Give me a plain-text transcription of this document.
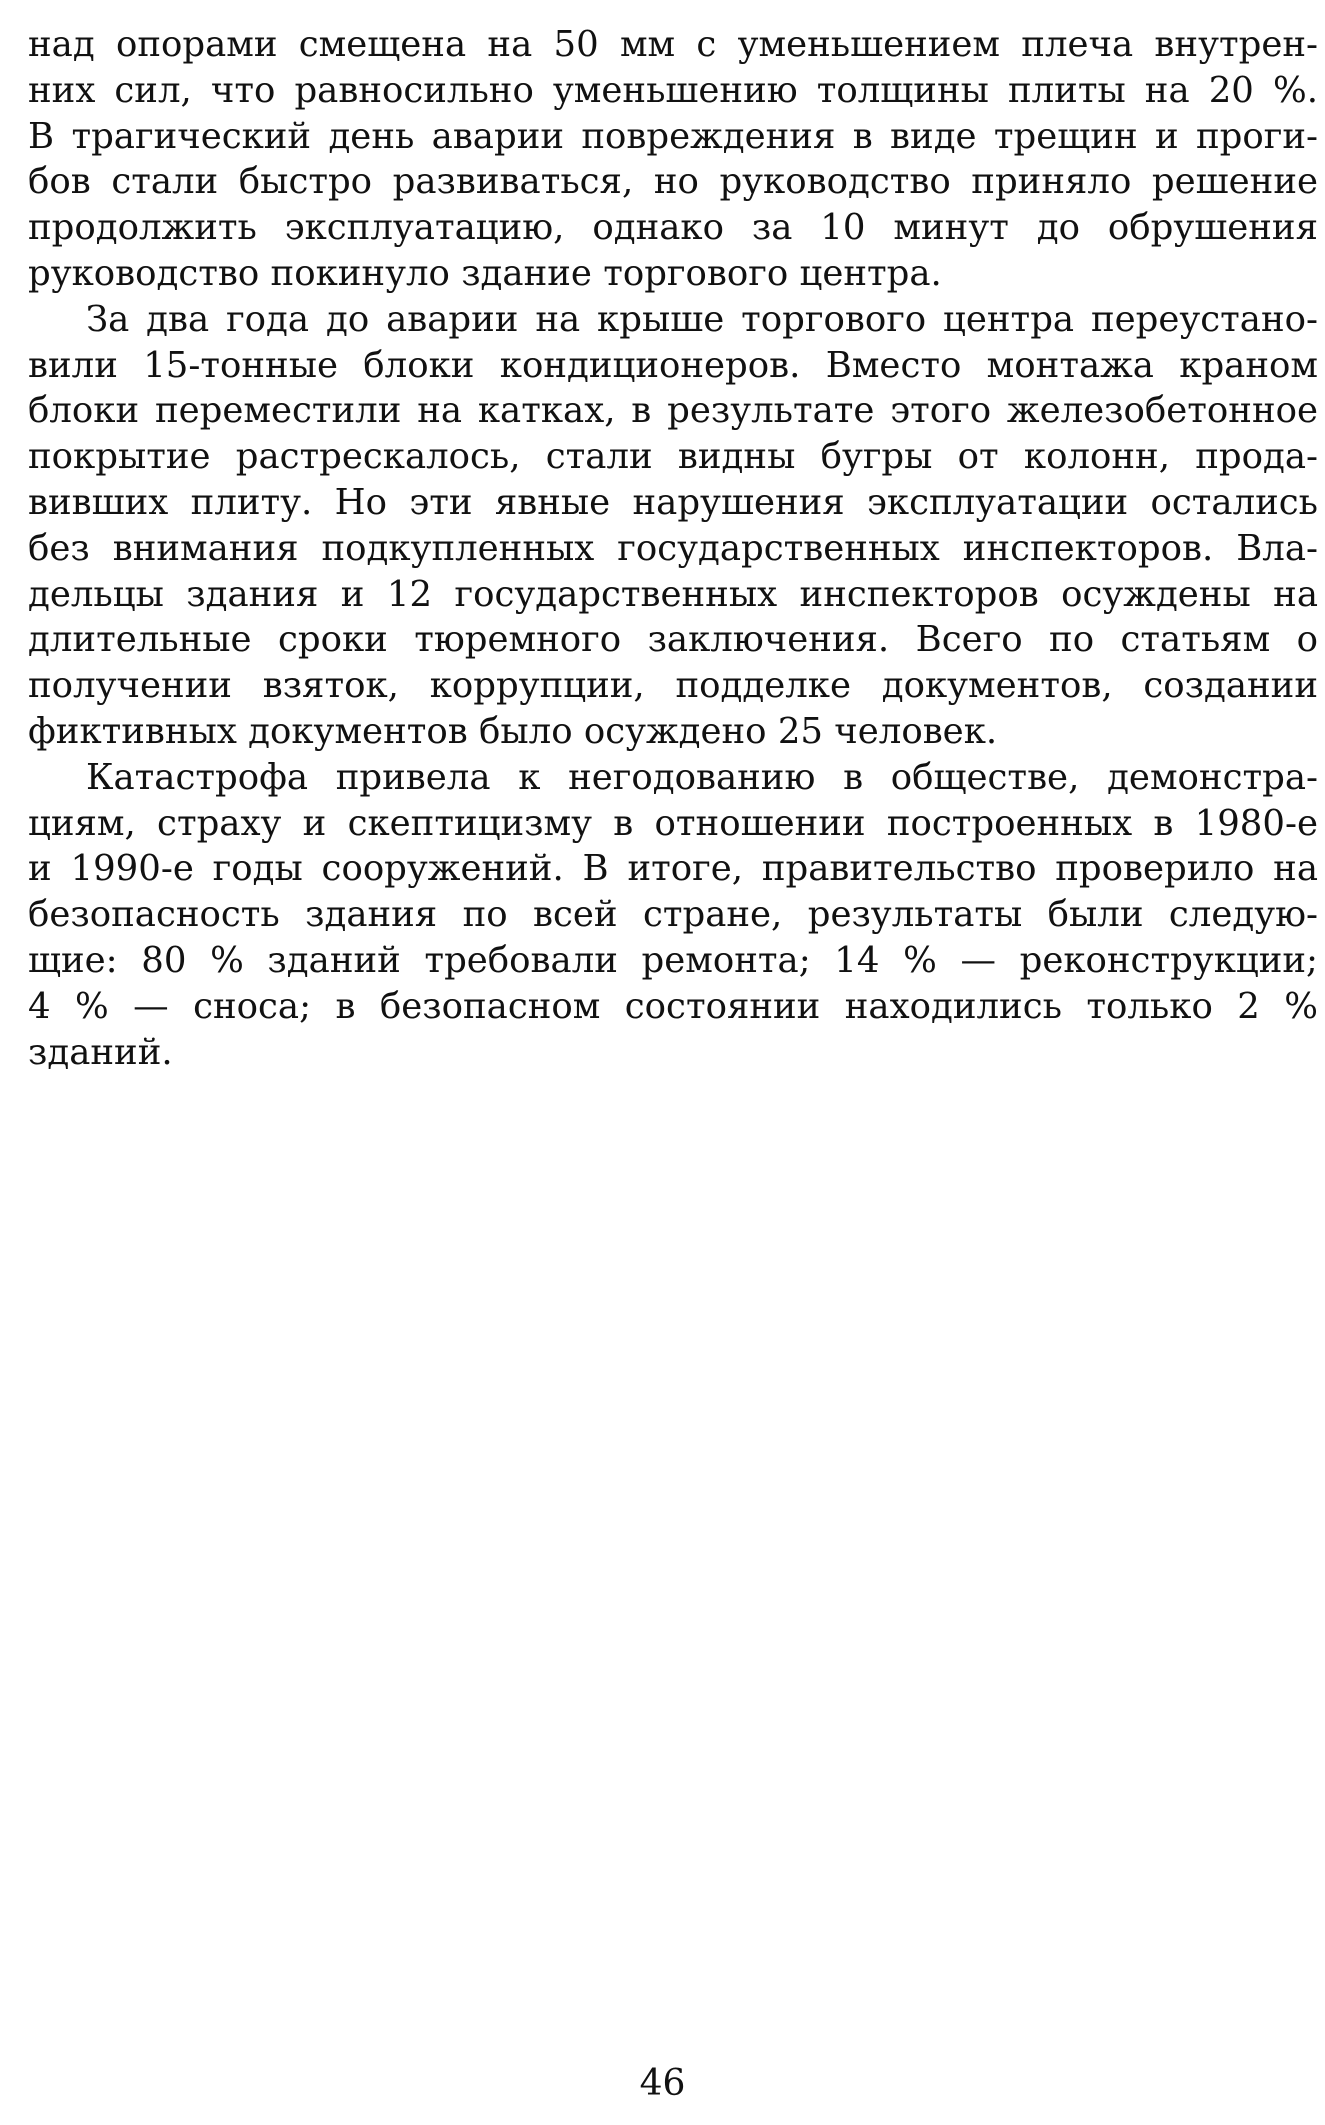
над опорами смещена на 50 мм с уменьшением плеча внутрен-
них сил, что равносильно уменьшению толщины плиты на 20 %.
В трагический день аварии повреждения в виде трещин и проги-
бов стали быстро развиваться, но руководство приняло решение
продолжить эксплуатацию, однако за 10 минут до обрушения
руководство покинуло здание торгового центра.
За два года до аварии на крыше торгового центра переустано-
вили 15-тонные блоки кондиционеров. Вместо монтажа краном
блоки переместили на катках, в результате этого железобетонное
покрытие растрескалось, стали видны бугры от колонн, прода-
вивших плиту. Но эти явные нарушения эксплуатации остались
без внимания подкупленных государственных инспекторов. Вла-
дельцы здания и 12 государственных инспекторов осуждены на
длительные сроки тюремного заключения. Всего по статьям о
получении взяток, коррупции, подделке документов, создании
фиктивных документов было осуждено 25 человек.
Катастрофа привела к негодованию в обществе, демонстра-
циям, страху и скептицизму в отношении построенных в 1980-е
и 1990-е годы сооружений. В итоге, правительство проверило на
безопасность здания по всей стране, результаты были следую-
щие: 80 % зданий требовали ремонта; 14 % — реконструкции;
4 % — сноса; в безопасном состоянии находились только 2 %
зданий.
46
